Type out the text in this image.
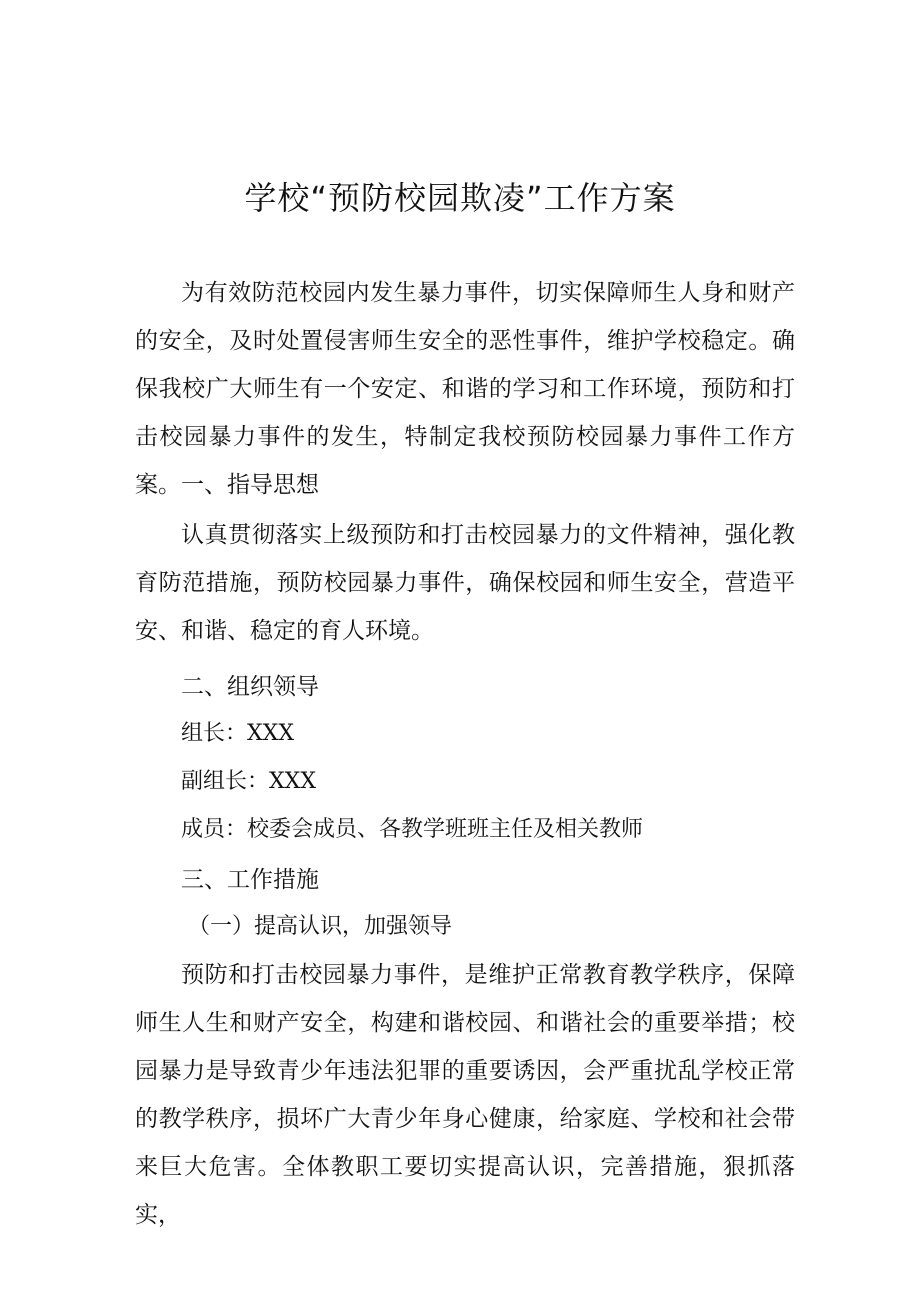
学校“预防校园欺凌”工作方案

为有效防范校园内发生暴力事件，切实保障师生人身和财产的安全，及时处置侵害师生安全的恶性事件，维护学校稳定。确保我校广大师生有一个安定、和谐的学习和工作环境，预防和打击校园暴力事件的发生，特制定我校预防校园暴力事件工作方案。 一、指导思想

认真贯彻落实上级预防和打击校园暴力的文件精神，强化教育防范措施，预防校园暴力事件，确保校园和师生安全，营造平安、和谐、稳定的育人环境。

二、组织领导

组长：XXX

副组长：XXX

成员：校委会成员、各教学班班主任及相关教师

三、工作措施

（一）提高认识，加强领导

预防和打击校园暴力事件，是维护正常教育教学秩序，保障师生人生和财产安全，构建和谐校园、和谐社会的重要举措；校园暴力是导致青少年违法犯罪的重要诱因，会严重扰乱学校正常的教学秩序，损坏广大青少年身心健康，给家庭、学校和社会带来巨大危害。全体教职工要切实提高认识，完善措施，狠抓落实，
